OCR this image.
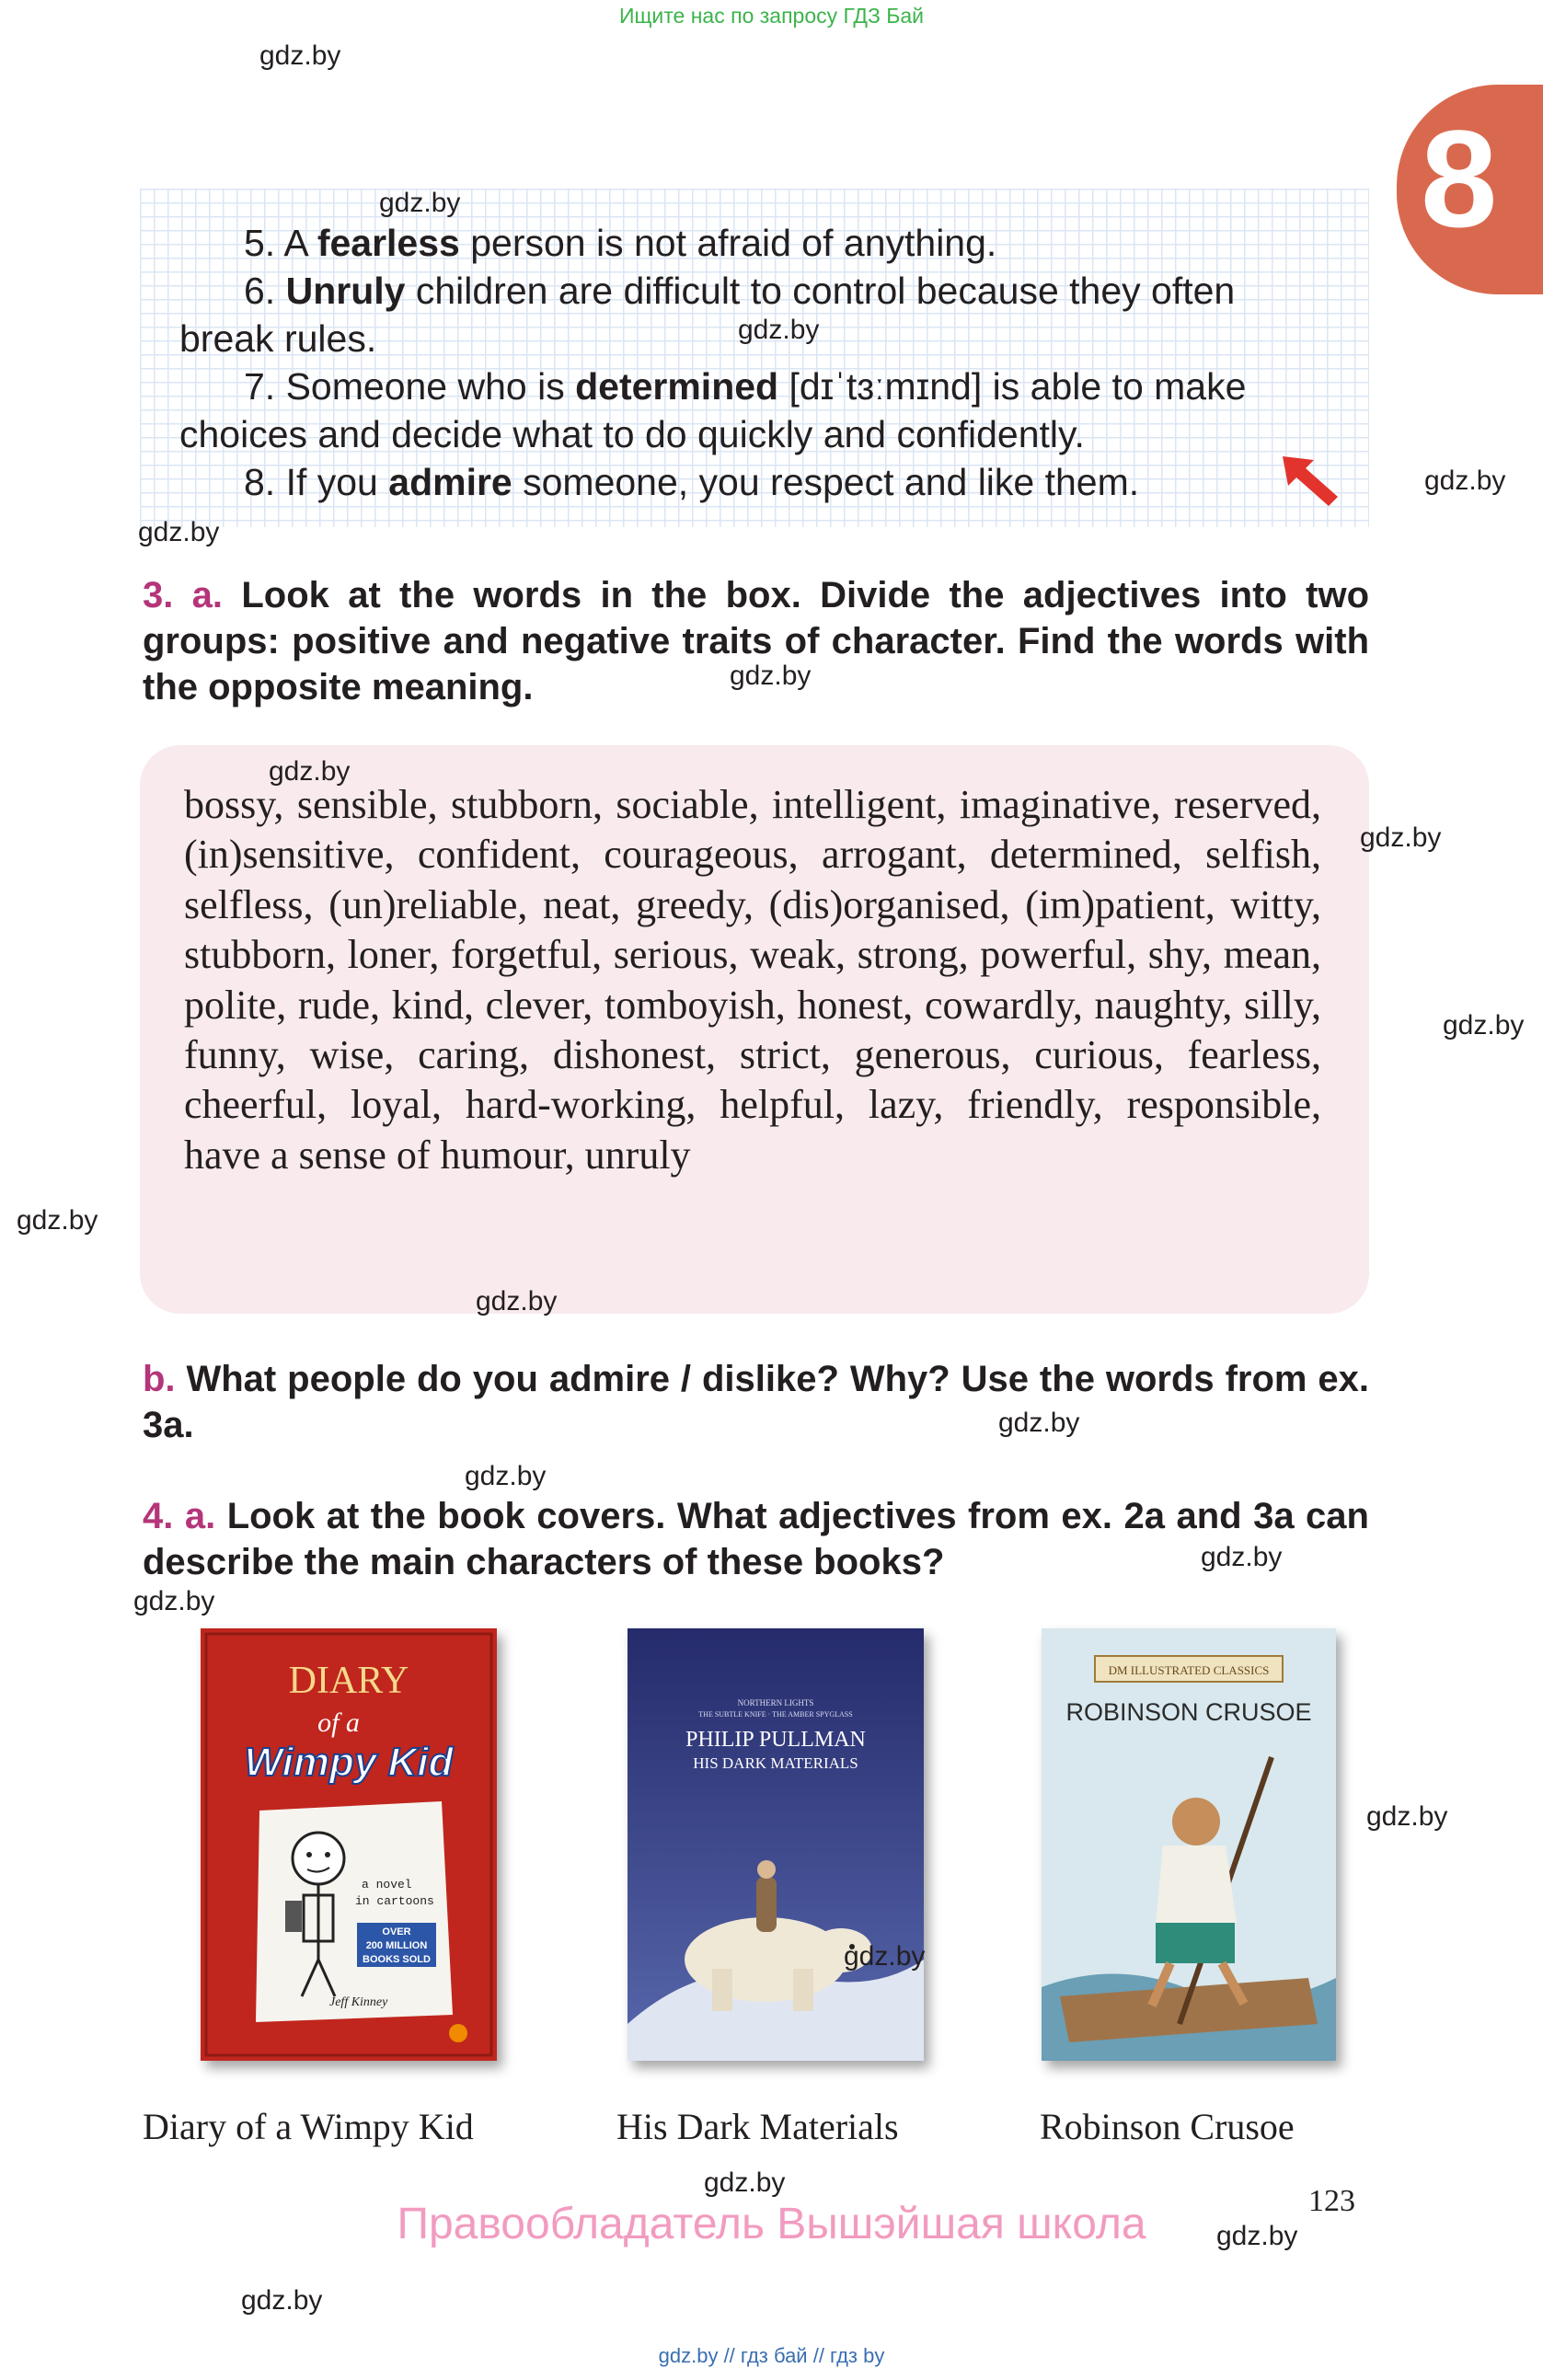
Ищите нас по запросу ГДЗ Бай
8
5. A fearless person is not afraid of anything.
6. Unruly children are difficult to control because they often
break rules.
7. Someone who is determined [dɪˈtɜːmɪnd] is able to make
choices and decide what to do quickly and confidently.
8. If you admire someone, you respect and like them.
3. a. Look at the words in the box. Divide the adjectives into two groups: positive and negative traits of character. Find the words with the opposite meaning.
bossy, sensible, stubborn, sociable, intelligent, imaginative, reserved, (in)sensitive, confident, courageous, arrogant, determined, selfish, selfless, (un)reliable, neat, greedy, (dis)organised, (im)patient, witty, stubborn, loner, forgetful, serious, weak, strong, powerful, shy, mean, polite, rude, kind, clever, tomboyish, honest, cowardly, naughty, silly, funny, wise, caring, dishonest, strict, generous, curious, fearless, cheerful, loyal, hard-working, helpful, lazy, friendly, responsible, have a sense of humour, unruly
b. What people do you admire / dislike? Why? Use the words from ex. 3a.
4. a. Look at the book covers. What adjectives from ex. 2a and 3a can describe the main characters of these books?
DIARY
of a
Wimpy Kid
a novel
in cartoons
OVER
200 MILLION
BOOKS SOLD
Jeff Kinney
Diary of a Wimpy Kid
NORTHERN LIGHTS
THE SUBTLE KNIFE · THE AMBER SPYGLASS
PHILIP PULLMAN
HIS DARK MATERIALS
His Dark Materials
DM ILLUSTRATED CLASSICS
ROBINSON CRUSOE
Robinson Crusoe
123
Правообладатель Вышэйшая школа
gdz.by // гдз бай // гдз by
gdz.by
gdz.by
gdz.by
gdz.by
gdz.by
gdz.by
gdz.by
gdz.by
gdz.by
gdz.by
gdz.by
gdz.by
gdz.by
gdz.by
gdz.by
gdz.by
gdz.by
gdz.by
gdz.by
gdz.by
